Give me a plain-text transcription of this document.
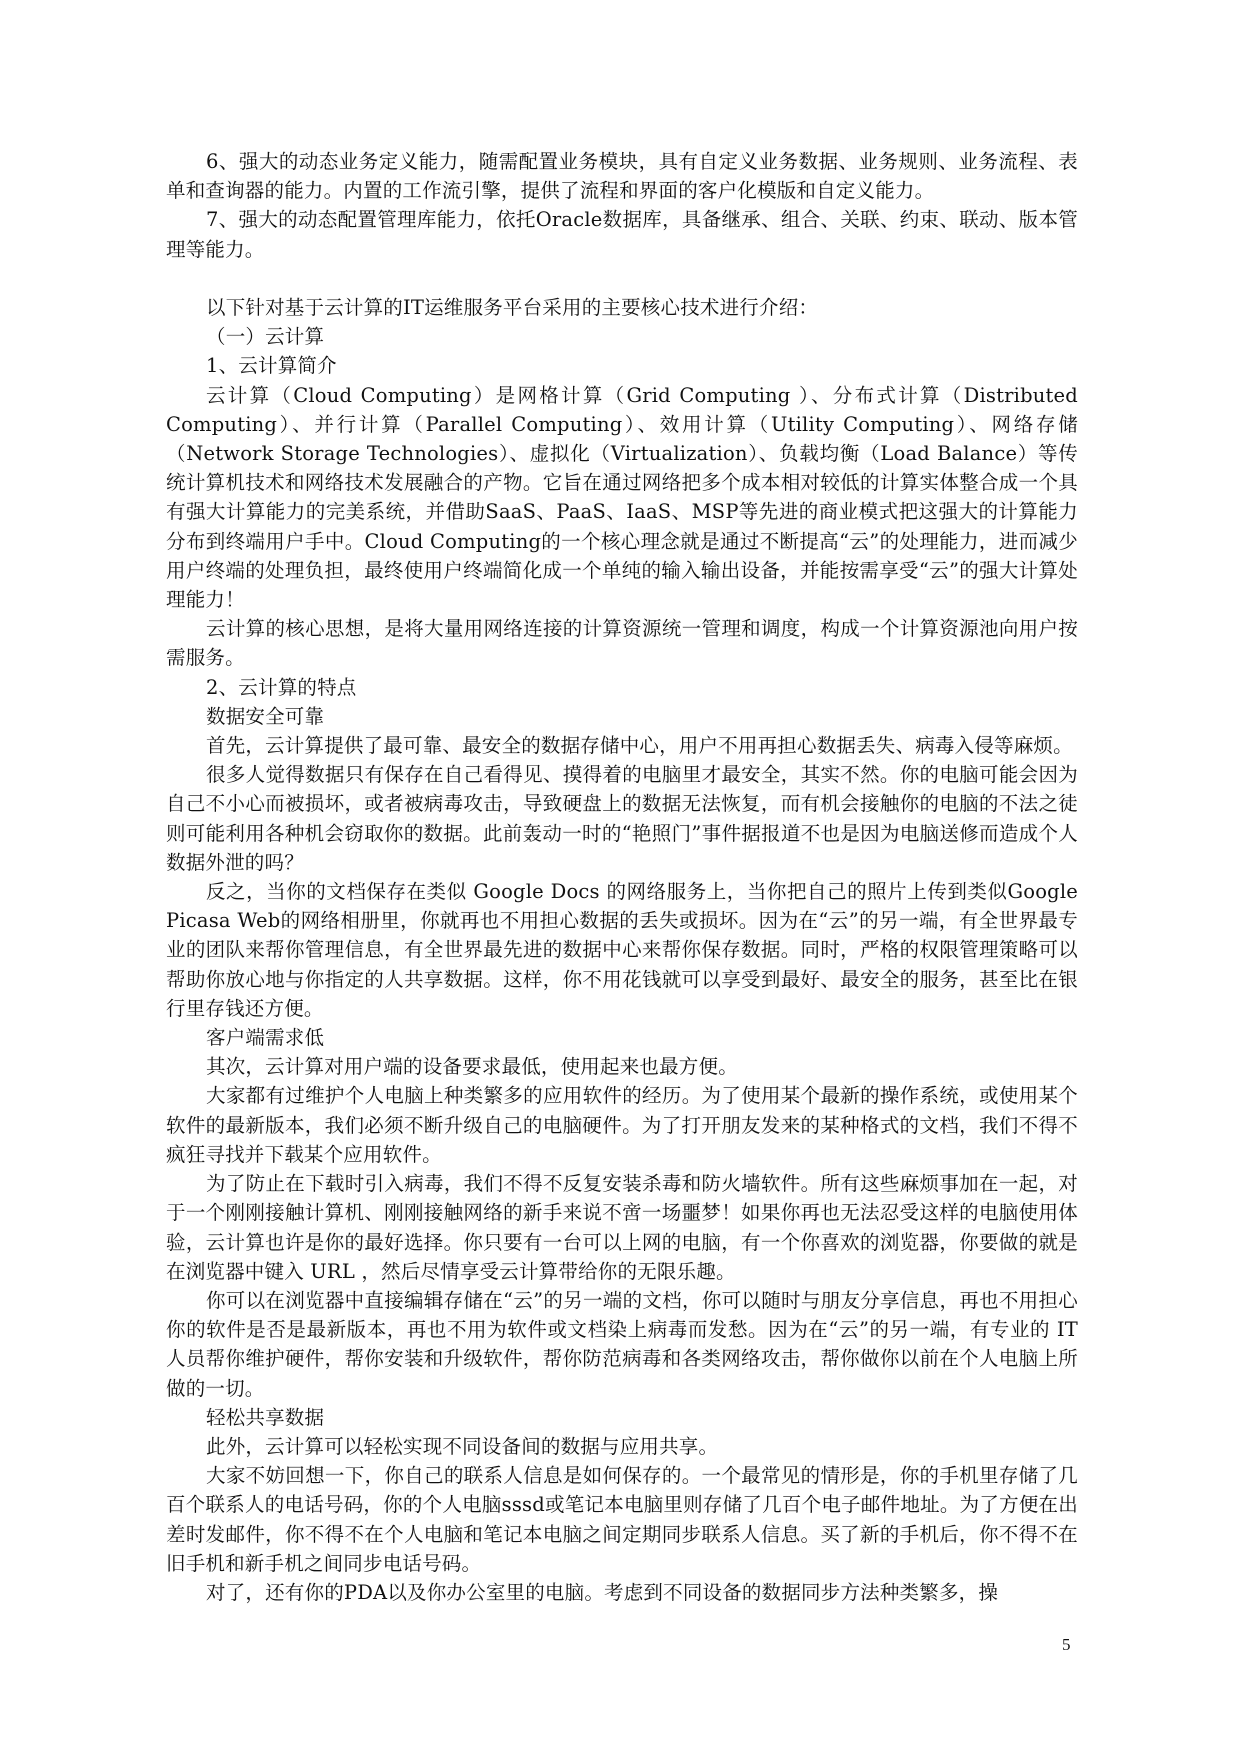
6、强大的动态业务定义能力，随需配置业务模块，具有自定义业务数据、业务规则、业务流程、表单和查询器的能力。内置的工作流引擎，提供了流程和界面的客户化模版和自定义能力。

7、强大的动态配置管理库能力，依托Oracle数据库，具备继承、组合、关联、约束、联动、版本管理等能力。

以下针对基于云计算的IT运维服务平台采用的主要核心技术进行介绍：

（一）云计算

1、云计算简介

云计算（Cloud Computing）是网格计算（Grid Computing ）、分布式计算（Distributed Computing）、并行计算（Parallel Computing）、效用计算（Utility Computing）、网络存储（Network Storage Technologies）、虚拟化（Virtualization）、负载均衡（Load Balance）等传统计算机技术和网络技术发展融合的产物。它旨在通过网络把多个成本相对较低的计算实体整合成一个具有强大计算能力的完美系统，并借助SaaS、PaaS、IaaS、MSP等先进的商业模式把这强大的计算能力分布到终端用户手中。Cloud Computing的一个核心理念就是通过不断提高“云”的处理能力，进而减少用户终端的处理负担，最终使用户终端简化成一个单纯的输入输出设备，并能按需享受“云”的强大计算处理能力！

云计算的核心思想，是将大量用网络连接的计算资源统一管理和调度，构成一个计算资源池向用户按需服务。

2、云计算的特点

数据安全可靠

首先，云计算提供了最可靠、最安全的数据存储中心，用户不用再担心数据丢失、病毒入侵等麻烦。

很多人觉得数据只有保存在自己看得见、摸得着的电脑里才最安全，其实不然。你的电脑可能会因为自己不小心而被损坏，或者被病毒攻击，导致硬盘上的数据无法恢复，而有机会接触你的电脑的不法之徒则可能利用各种机会窃取你的数据。此前轰动一时的“艳照门”事件据报道不也是因为电脑送修而造成个人数据外泄的吗？

反之，当你的文档保存在类似 Google Docs 的网络服务上，当你把自己的照片上传到类似Google Picasa Web的网络相册里，你就再也不用担心数据的丢失或损坏。因为在“云”的另一端，有全世界最专业的团队来帮你管理信息，有全世界最先进的数据中心来帮你保存数据。同时，严格的权限管理策略可以帮助你放心地与你指定的人共享数据。这样，你不用花钱就可以享受到最好、最安全的服务，甚至比在银行里存钱还方便。

客户端需求低

其次，云计算对用户端的设备要求最低，使用起来也最方便。

大家都有过维护个人电脑上种类繁多的应用软件的经历。为了使用某个最新的操作系统，或使用某个软件的最新版本，我们必须不断升级自己的电脑硬件。为了打开朋友发来的某种格式的文档，我们不得不疯狂寻找并下载某个应用软件。

为了防止在下载时引入病毒，我们不得不反复安装杀毒和防火墙软件。所有这些麻烦事加在一起，对于一个刚刚接触计算机、刚刚接触网络的新手来说不啻一场噩梦！如果你再也无法忍受这样的电脑使用体验，云计算也许是你的最好选择。你只要有一台可以上网的电脑，有一个你喜欢的浏览器，你要做的就是在浏览器中键入 URL ，然后尽情享受云计算带给你的无限乐趣。

你可以在浏览器中直接编辑存储在“云”的另一端的文档，你可以随时与朋友分享信息，再也不用担心你的软件是否是最新版本，再也不用为软件或文档染上病毒而发愁。因为在“云”的另一端，有专业的 IT 人员帮你维护硬件，帮你安装和升级软件，帮你防范病毒和各类网络攻击，帮你做你以前在个人电脑上所做的一切。

轻松共享数据

此外，云计算可以轻松实现不同设备间的数据与应用共享。

大家不妨回想一下，你自己的联系人信息是如何保存的。一个最常见的情形是，你的手机里存储了几百个联系人的电话号码，你的个人电脑sssd或笔记本电脑里则存储了几百个电子邮件地址。为了方便在出差时发邮件，你不得不在个人电脑和笔记本电脑之间定期同步联系人信息。买了新的手机后，你不得不在旧手机和新手机之间同步电话号码。

对了，还有你的PDA以及你办公室里的电脑。考虑到不同设备的数据同步方法种类繁多，操

5
